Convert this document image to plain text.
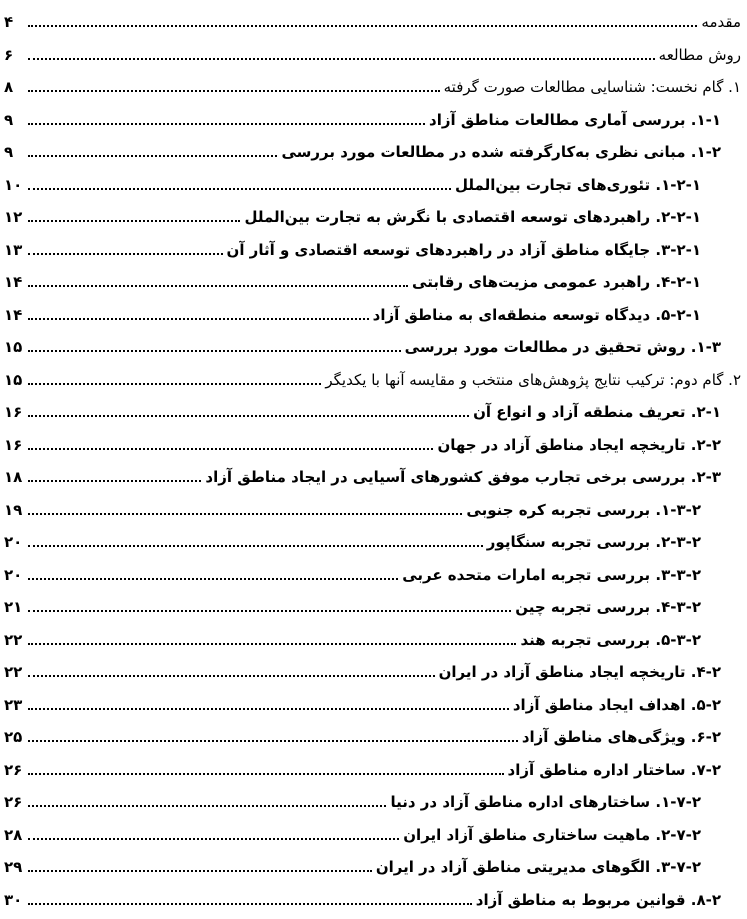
۴	مقدمه
۶	روش مطالعه
۸	۱. گام نخست: شناسایی مطالعات صورت گرفته
۹	۱-۱. بررسی آماری مطالعات مناطق آزاد
۹	۱-۲. مبانی نظری به‌کارگرفته شده در مطالعات مورد بررسی
۱۰	۱-۲-۱. تئوری‌های تجارت بین‌الملل
۱۲	۲-۲-۱. راهبردهای توسعه اقتصادی با نگرش به تجارت بین‌الملل
۱۳	۳-۲-۱. جایگاه مناطق آزاد در راهبردهای توسعه اقتصادی و آثار آن
۱۴	۴-۲-۱. راهبرد عمومی مزیت‌های رقابتی
۱۴	۵-۲-۱. دیدگاه توسعه منطقه‌ای به مناطق آزاد
۱۵	۱-۳. روش تحقیق در مطالعات مورد بررسی
۱۵	۲. گام دوم: ترکیب نتایج پژوهش‌های منتخب و مقایسه آنها با یکدیگر
۱۶	۲-۱. تعریف منطقه آزاد و انواع آن
۱۶	۲-۲. تاریخچه ایجاد مناطق آزاد در جهان
۱۸	۲-۳. بررسی برخی تجارب موفق کشورهای آسیایی در ایجاد مناطق آزاد
۱۹	۱-۳-۲. بررسی تجربه کره جنوبی
۲۰	۲-۳-۲. بررسی تجربه سنگاپور
۲۰	۳-۳-۲. بررسی تجربه امارات متحده عربی
۲۱	۴-۳-۲. بررسی تجربه چین
۲۲	۵-۳-۲. بررسی تجربه هند
۲۲	۴-۲. تاریخچه ایجاد مناطق آزاد در ایران
۲۳	۵-۲. اهداف ایجاد مناطق آزاد
۲۵	۶-۲. ویژگی‌های مناطق آزاد
۲۶	۷-۲. ساختار اداره مناطق آزاد
۲۶	۱-۷-۲. ساختارهای اداره مناطق آزاد در دنیا
۲۸	۲-۷-۲. ماهیت ساختاری مناطق آزاد ایران
۲۹	۳-۷-۲. الگوهای مدیریتی مناطق آزاد در ایران
۳۰	۸-۲. قوانین مربوط به مناطق آزاد
